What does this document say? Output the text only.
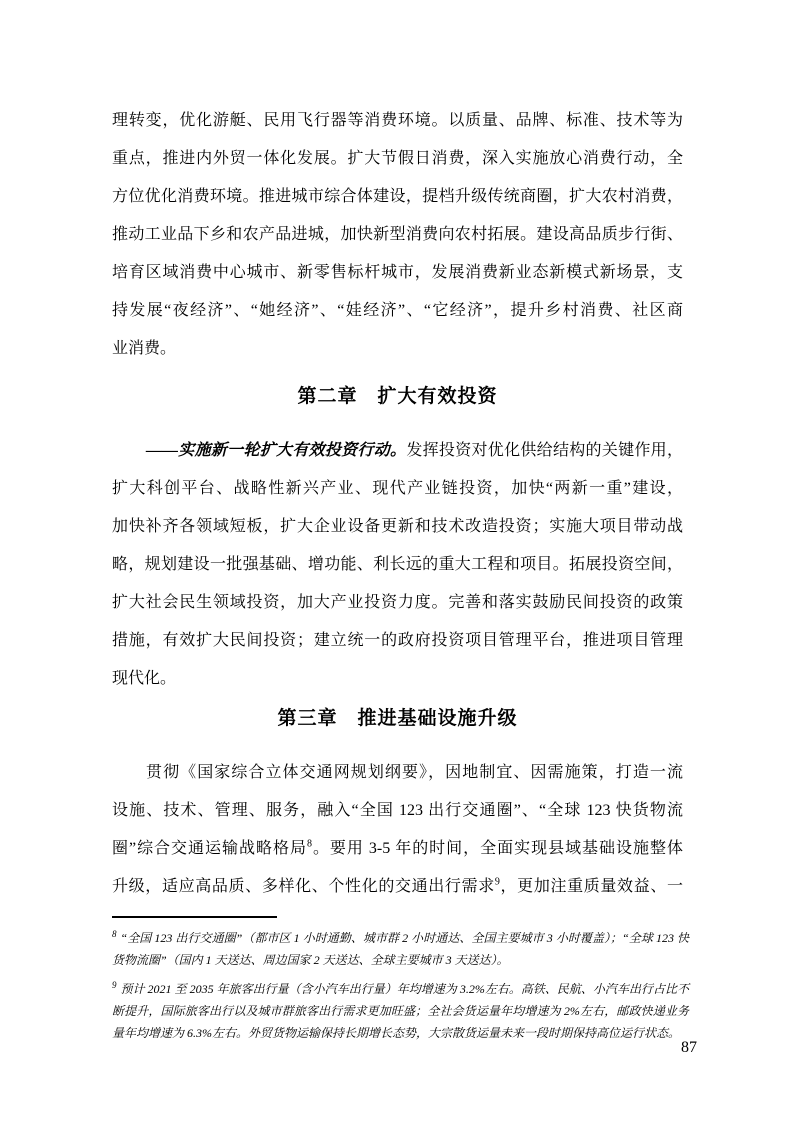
理转变，优化游艇、民用飞行器等消费环境。以质量、品牌、标准、技术等为
重点，推进内外贸一体化发展。扩大节假日消费，深入实施放心消费行动，全
方位优化消费环境。推进城市综合体建设，提档升级传统商圈，扩大农村消费，
推动工业品下乡和农产品进城，加快新型消费向农村拓展。建设高品质步行街、
培育区域消费中心城市、新零售标杆城市，发展消费新业态新模式新场景，支
持发展“夜经济”、“她经济”、“娃经济”、“它经济”，提升乡村消费、社区商
业消费。
第二章　扩大有效投资
——实施新一轮扩大有效投资行动。发挥投资对优化供给结构的关键作用，
扩大科创平台、战略性新兴产业、现代产业链投资，加快“两新一重”建设，
加快补齐各领域短板，扩大企业设备更新和技术改造投资；实施大项目带动战
略，规划建设一批强基础、增功能、利长远的重大工程和项目。拓展投资空间，
扩大社会民生领域投资，加大产业投资力度。完善和落实鼓励民间投资的政策
措施，有效扩大民间投资；建立统一的政府投资项目管理平台，推进项目管理
现代化。
第三章　推进基础设施升级
贯彻《国家综合立体交通网规划纲要》，因地制宜、因需施策，打造一流
设施、技术、管理、服务，融入“全国 123 出行交通圈”、“全球 123 快货物流
圈”综合交通运输战略格局$^8$。要用 3-5 年的时间，全面实现县域基础设施整体
升级，适应高品质、多样化、个性化的交通出行需求$^9$，更加注重质量效益、一
$^8$ “全国 123 出行交通圈”（都市区 1 小时通勤、城市群 2 小时通达、全国主要城市 3 小时覆盖）；“全球 123 快货物流圈”（国内 1 天送达、周边国家 2 天送达、全球主要城市 3 天送达）。
$^9$ 预计 2021 至 2035 年旅客出行量（含小汽车出行量）年均增速为 3.2%左右。高铁、民航、小汽车出行占比不断提升，国际旅客出行以及城市群旅客出行需求更加旺盛；全社会货运量年均增速为 2%左右，邮政快递业务量年均增速为 6.3%左右。外贸货物运输保持长期增长态势，大宗散货运量未来一段时期保持高位运行状态。
87
